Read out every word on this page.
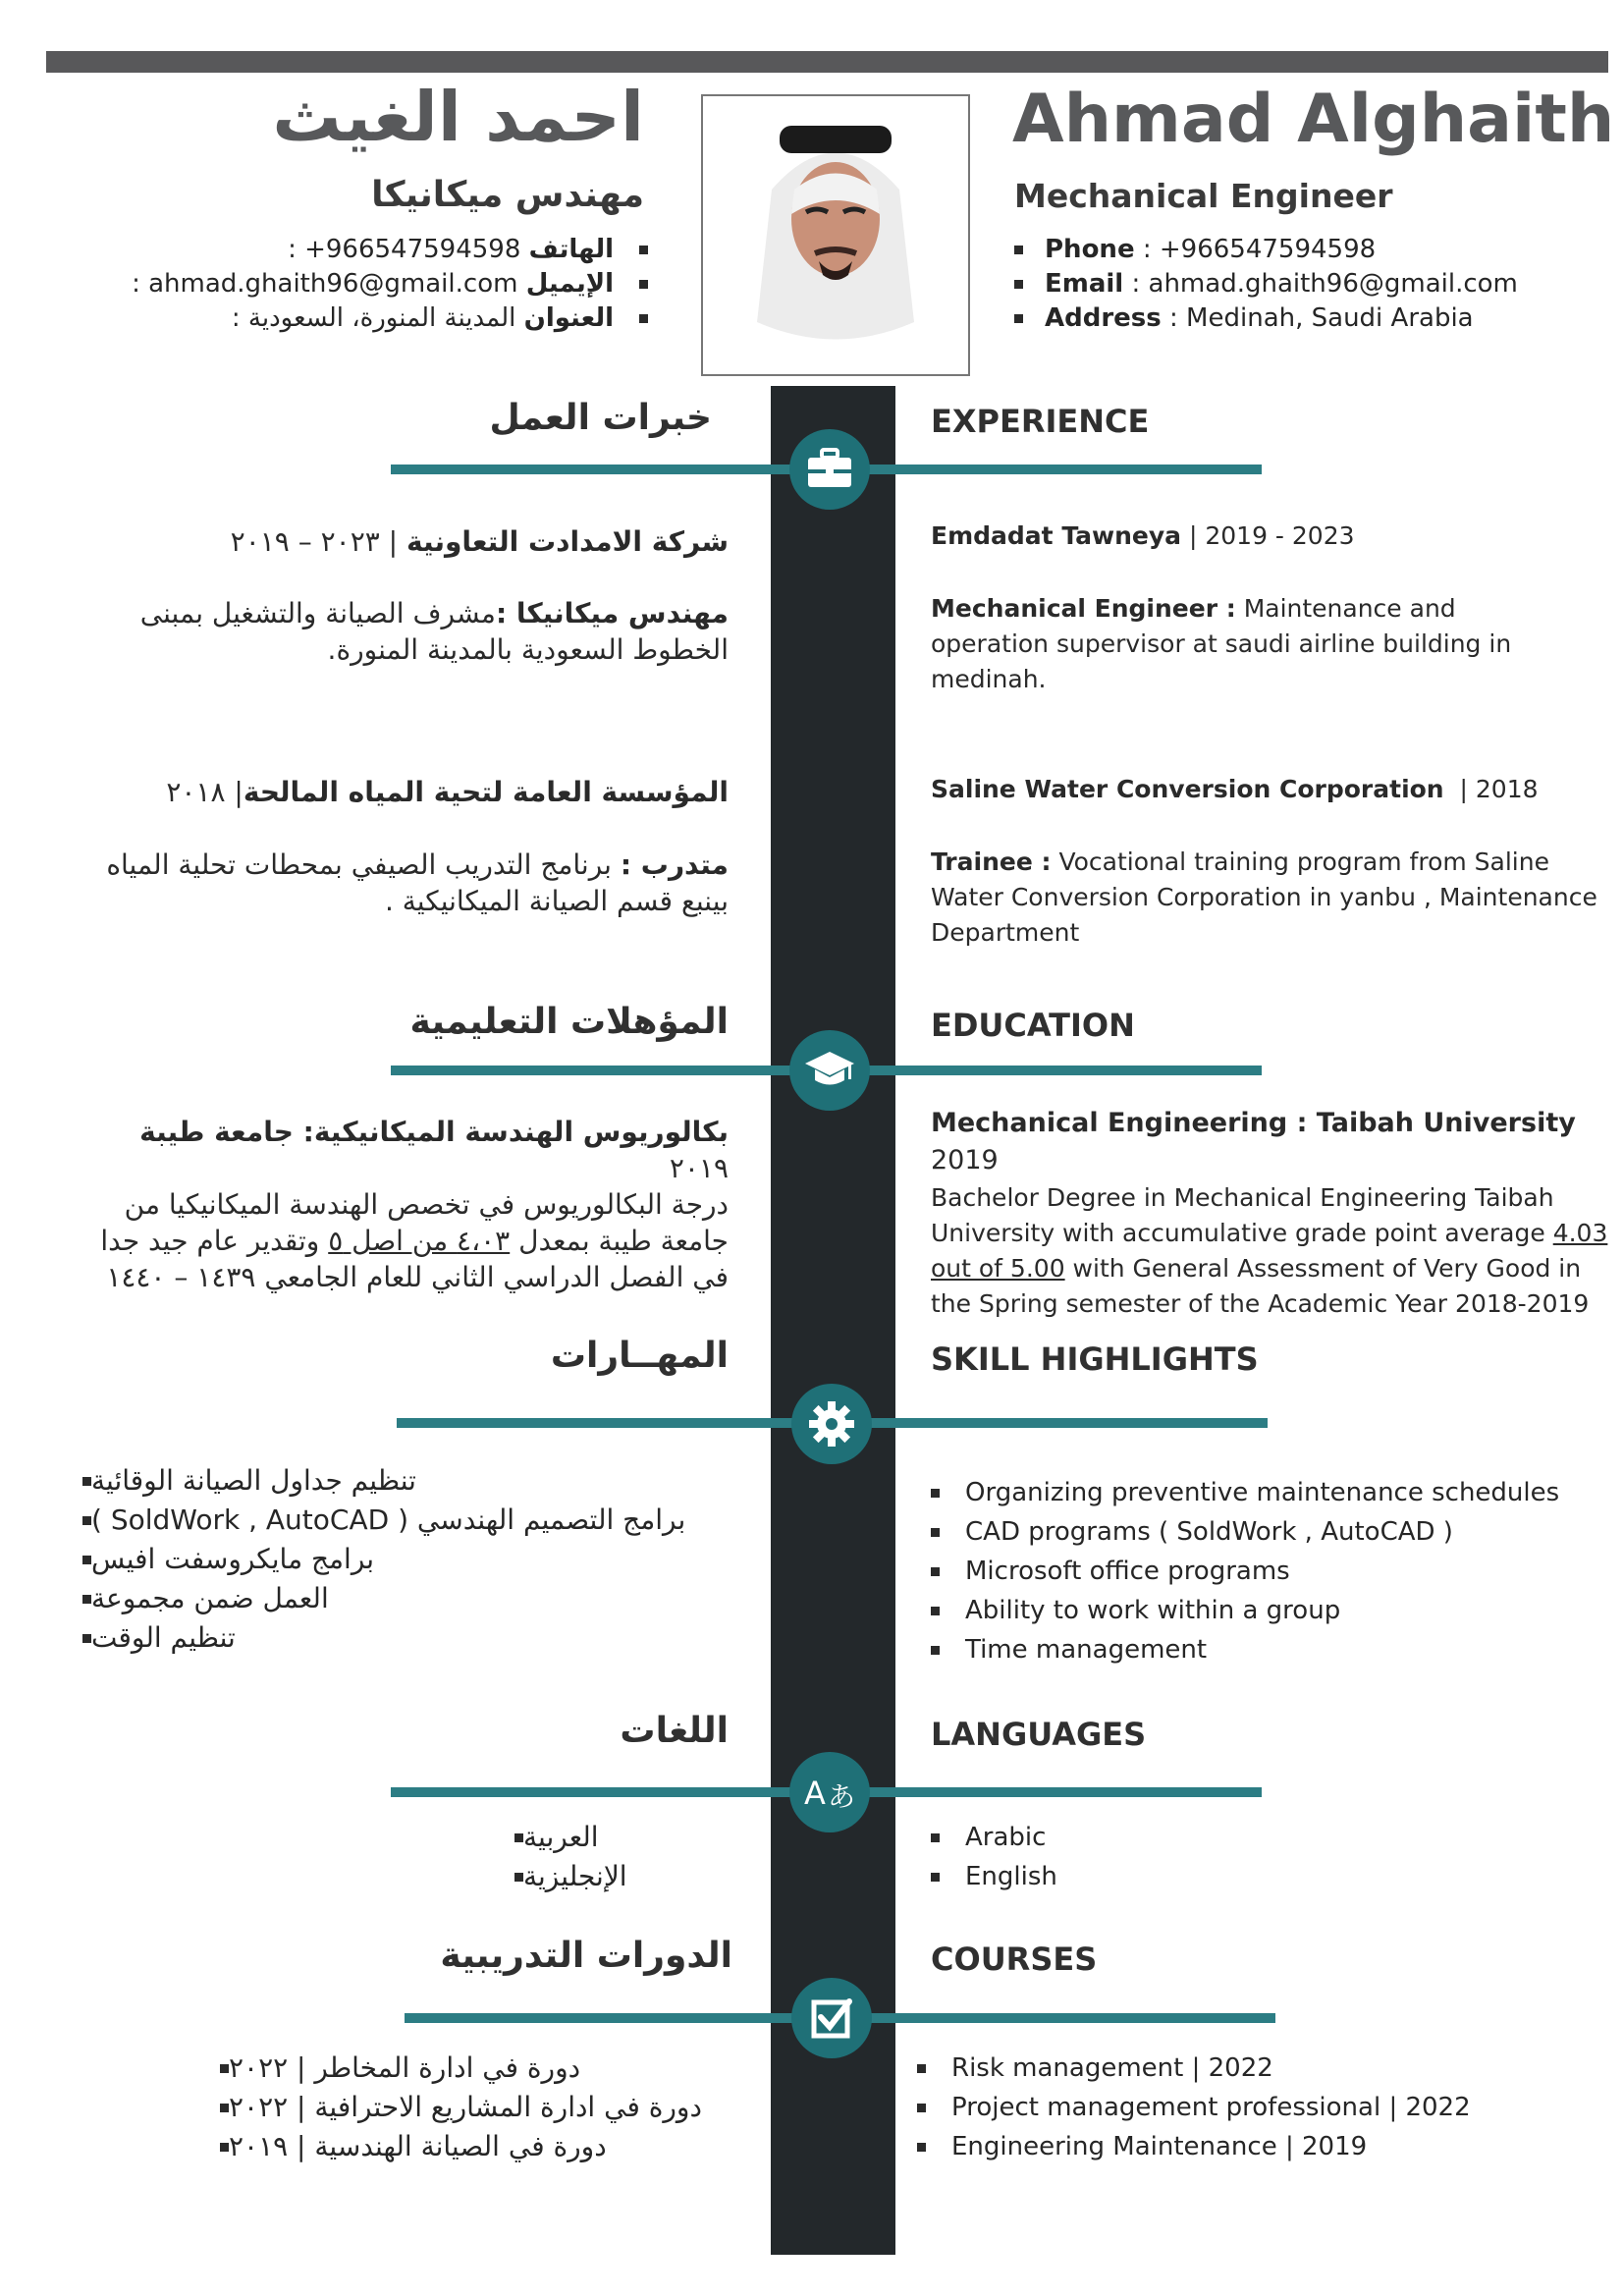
Ahmad Alghaith
احمد الغيث
Mechanical Engineer
مهندس ميكانيكا
Phone
: +966547594598
Email
: ahmad.ghaith96@gmail.com
Address
: Medinah, Saudi Arabia
الهاتف

: +966547594598
الإيميل

: ahmad.ghaith96@gmail.com
العنوان

: المدينة المنورة، السعودية
EXPERIENCE
خبرات العمل
Emdadat Tawneya | 2019 - 2023
Mechanical Engineer : Maintenance and operation supervisor at saudi airline building in medinah.
شركة الامدادت التعاونية | ٢٠٢٣ – ٢٠١٩
مهندس ميكانيكا :مشرف الصيانة والتشغيل بمبنى الخطوط السعودية بالمدينة المنورة.
Saline Water Conversion Corporation | 2018
Trainee : Vocational training program from Saline Water Conversion Corporation in yanbu , Maintenance Department
المؤسسة العامة لتحية المياه المالحة| ٢٠١٨
متدرب : برنامج التدريب الصيفي بمحطات تحلية المياه بينبع قسم الصيانة الميكانيكية .
EDUCATION
المؤهلات التعليمية
Mechanical Engineering : Taibah University
2019
Bachelor Degree in Mechanical Engineering Taibah University with accumulative grade point average 4.03 out of 5.00 with General Assessment of Very Good in the Spring semester of the Academic Year 2018-2019
بكالوريوس الهندسة الميكانيكية: جامعة طيبة
٢٠١٩
درجة البكالوريوس في تخصص الهندسة الميكانيكيا من جامعة طيبة بمعدل ٤،٠٣ من اصل ٥ وتقدير عام جيد جدا في الفصل الدراسي الثاني للعام الجامعي ١٤٣٩ – ١٤٤٠
SKILL HIGHLIGHTS
المهــارات
Organizing preventive maintenance schedules
CAD programs ( SoldWork , AutoCAD )
Microsoft office programs
Ability to work within a group
Time management
تنظيم جداول الصيانة الوقائية
برامج التصميم الهندسي ( SoldWork , AutoCAD )
برامج مايكروسفت افيس
العمل ضمن مجموعة
تنظيم الوقت
LANGUAGES
اللغات
A あ
Arabic
English
العربية
الإنجليزية
COURSES
الدورات التدريبية
Risk management | 2022
Project management professional | 2022
Engineering Maintenance | 2019
دورة في ادارة المخاطر | ٢٠٢٢
دورة في ادارة المشاريع الاحترافية | ٢٠٢٢
دورة في الصيانة الهندسية | ٢٠١٩
